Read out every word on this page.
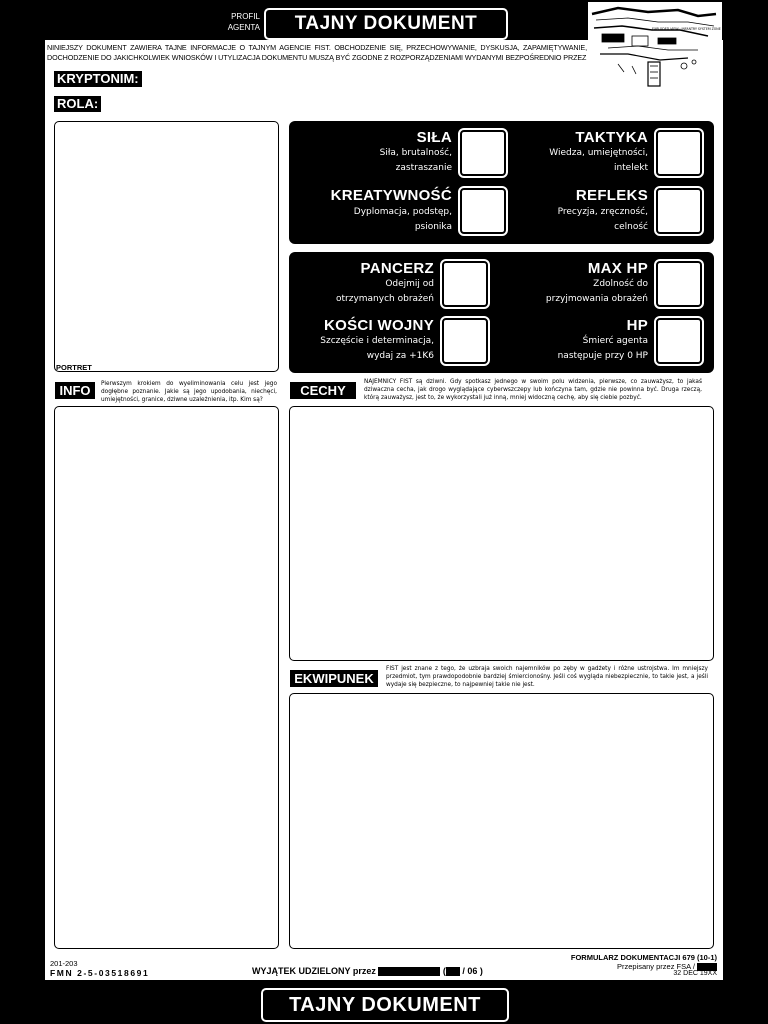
PROFIL
AGENTA	TAJNY DOKUMENT
NINIEJSZY DOKUMENT ZAWIERA TAJNE INFORMACJE O TAJNYM AGENCIE FIST. OBCHODZENIE SIĘ, PRZECHOWYWANIE, DYSKUSJA, ZAPAMIĘTYWANIE, DOCHODZENIE DO JAKICHKOLWIEK WNIOSKÓW I UTYLIZACJA DOKUMENTU MUSZĄ BYĆ ZGODNE Z ROZPORZĄDZENIAMI WYDANYMI BEZPOŚREDNIO PRZEZ
EXPLODED VIEW · INFANTRY SYSTEM ZONE
KRYPTONIM:
ROLA:
PORTRET
SIŁA
Siła, brutalność,
zastraszanie
TAKTYKA
Wiedza, umiejętności,
intelekt
KREATYWNOŚĆ
Dyplomacja, podstęp,
psionika
REFLEKS
Precyzja, zręczność,
celność
PANCERZ
Odejmij od
otrzymanych obrażeń
MAX HP
Zdolność do
przyjmowania obrażeń
KOŚCI WOJNY
Szczęście i determinacja,
wydaj za +1K6
HP
Śmierć agenta
następuje przy 0 HP
INFO	Pierwszym krokiem do wyeliminowania celu jest jego dogłębne poznanie. Jakie są jego upodobania, niechęci, umiejętności, granice, dziwne uzależnienia, itp. Kim są?
CECHY
NAJEMNICY FIST są dziwni. Gdy spotkasz jednego w swoim polu widzenia, pierwsze, co zauważysz, to jakaś dziwaczna cecha, jak drogo wyglądające cyberwszczepy lub kończyna tam, gdzie nie powinna być. Druga rzeczą, którą zauważysz, jest to, że wykorzystali już inną, mniej widoczną cechę, aby się ciebie pozbyć.
EKWIPUNEK
FIST jest znane z tego, że uzbraja swoich najemników po zęby w gadżety i różne ustrojstwa. Im mniejszy przedmiot, tym prawdopodobnie bardziej śmiercionośny. Jeśli coś wygląda niebezpiecznie, to takie jest, a jeśli wydaje się bezpieczne, to najpewniej takie nie jest.
201-203
FMN 2-5-03518691	WYJĄTEK UDZIELONY przez	( / 06 )
FORMULARZ DOKUMENTACJI 679 (10-1)
Przepisany przez FSA /
32 DEC 19XX
TAJNY DOKUMENT
